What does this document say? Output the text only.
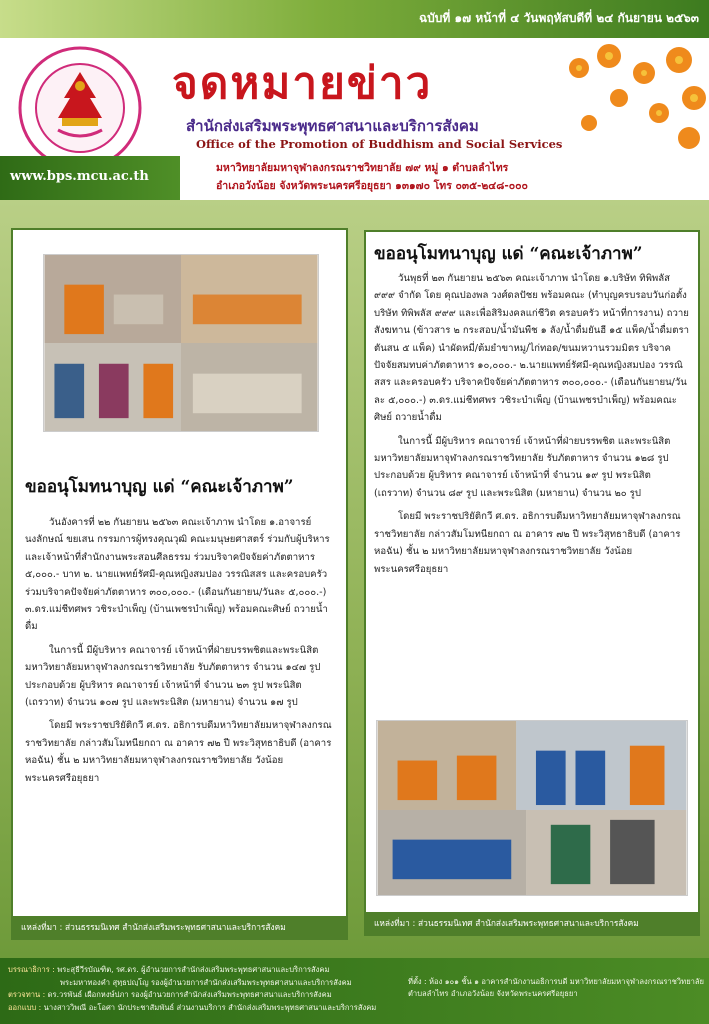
ฉบับที่ ๑๗ หน้าที่ ๔ วันพฤหัสบดีที่ ๒๔ กันยายน ๒๕๖๓
จดหมายข่าว
สำนักส่งเสริมพระพุทธศาสนาและบริการสังคม
Office of the Promotion of Buddhism and Social Services
www.bps.mcu.ac.th
มหาวิทยาลัยมหาจุฬาลงกรณราชวิทยาลัย ๗๙ หมู่ ๑ ตำบลลำไทร
อำเภอวังน้อย จังหวัดพระนครศรีอยุธยา ๑๓๑๗๐ โทร ๐๓๕-๒๔๘-๐๐๐
ขออนุโมทนาบุญ แด่ “คณะเจ้าภาพ”

วันอังคารที่ ๒๒ กันยายน ๒๕๖๓ คณะเจ้าภาพ นำโดย ๑.อาจารย์นงลักษณ์ ขยเสน กรรมการผู้ทรงคุณวุฒิ คณะมนุษยศาสตร์ ร่วมกับผู้บริหารและเจ้าหน้าที่สำนักงานพระสอนศีลธรรม ร่วมบริจาคปัจจัยค่าภัตตาหาร ๕,๐๐๐.- บาท ๒. นายแพทย์รัศมี-คุณหญิงสมปอง วรรณิสสร และครอบครัว ร่วมบริจาคปัจจัยค่าภัตตาหาร ๓๐๐,๐๐๐.- (เดือนกันยายน/วันละ ๕,๐๐๐.-) ๓.ดร.แม่ชีทศพร วชิระบำเพ็ญ (บ้านเพชรบำเพ็ญ) พร้อมคณะศิษย์ ถวายน้ำดื่ม

ในการนี้ มีผู้บริหาร คณาจารย์ เจ้าหน้าที่ฝ่ายบรรพชิตและพระนิสิตมหาวิทยาลัยมหาจุฬาลงกรณราชวิทยาลัย รับภัตตาหาร จำนวน ๑๔๗ รูป ประกอบด้วย ผู้บริหาร คณาจารย์ เจ้าหน้าที่ จำนวน ๒๓ รูป พระนิสิต (เถรวาท) จำนวน ๑๐๗ รูป และพระนิสิต (มหายาน) จำนวน ๑๗ รูป

โดยมี พระราชปริยัติกวี ศ.ดร. อธิการบดีมหาวิทยาลัยมหาจุฬาลงกรณราชวิทยาลัย กล่าวสัมโมทนียกถา ณ อาคาร ๗๒ ปี พระวิสุทธาธิบดี (อาคารหอฉัน) ชั้น ๒ มหาวิทยาลัยมหาจุฬาลงกรณราชวิทยาลัย วังน้อย พระนครศรีอยุธยา

แหล่งที่มา : ส่วนธรรมนิเทศ สำนักส่งเสริมพระพุทธศาสนาและบริการสังคม
ขออนุโมทนาบุญ แด่ “คณะเจ้าภาพ”

วันพุธที่ ๒๓ กันยายน ๒๕๖๓ คณะเจ้าภาพ นำโดย ๑.บริษัท ทิพิพลัส ๙๙๙ จำกัด โดย คุณปองพล วงศ์ดลปัชย พร้อมคณะ (ทำบุญครบรอบวันก่อตั้งบริษัท ทิพิพลัส ๙๙๙ และเพื่อสิริมงคลแก่ชีวิต ครอบครัว หน้าที่การงาน) ถวายสังฆทาน (ข้าวสาร ๒ กระสอบ/น้ำมันพืช ๑ ลัง/น้ำดื่มยันฮี ๑๕ แพ็ค/น้ำดื่มตราตันสน ๕ แพ็ค) นำผัดหมี่/ต้มยำขาหมู/ไก่ทอด/ขนมหวานรวมมิตร บริจาคปัจจัยสมทบค่าภัตตาหาร ๑๐,๐๐๐.- ๒.นายแพทย์รัศมี-คุณหญิงสมปอง วรรณิสสร และครอบครัว บริจาคปัจจัยค่าภัตตาหาร ๓๐๐,๐๐๐.- (เดือนกันยายน/วันละ ๕,๐๐๐.-) ๓.ดร.แม่ชีทศพร วชิระบำเพ็ญ (บ้านเพชรบำเพ็ญ) พร้อมคณะศิษย์ ถวายน้ำดื่ม

ในการนี้ มีผู้บริหาร คณาจารย์ เจ้าหน้าที่ฝ่ายบรรพชิต และพระนิสิตมหาวิทยาลัยมหาจุฬาลงกรณราชวิทยาลัย รับภัตตาหาร จำนวน ๑๒๘ รูป ประกอบด้วย ผู้บริหาร คณาจารย์ เจ้าหน้าที่ จำนวน ๑๙ รูป พระนิสิต (เถรวาท) จำนวน ๘๙ รูป และพระนิสิต (มหายาน) จำนวน ๒๐ รูป

โดยมี พระราชปริยัติกวี ศ.ดร. อธิการบดีมหาวิทยาลัยมหาจุฬาลงกรณราชวิทยาลัย กล่าวสัมโมทนียกถา ณ อาคาร ๗๒ ปี พระวิสุทธาธิบดี (อาคารหอฉัน) ชั้น ๒ มหาวิทยาลัยมหาจุฬาลงกรณราชวิทยาลัย วังน้อย พระนครศรีอยุธยา

แหล่งที่มา : ส่วนธรรมนิเทศ สำนักส่งเสริมพระพุทธศาสนาและบริการสังคม
บรรณาธิการ : พระสุธีวีรบัณฑิต, รศ.ดร. ผู้อำนวยการสำนักส่งเสริมพระพุทธศาสนาและบริการสังคม
พระมหาทองคำ สุทฺธปญฺโญ รองผู้อำนวยการสำนักส่งเสริมพระพุทธศาสนาและบริการสังคม
ตรวจทาน : ดร.วรพันธ์ เผือกหงษ์ปภา รองผู้อำนวยการสำนักส่งเสริมพระพุทธศาสนาและบริการสังคม
ออกแบบ : นางสาววิพณี อะโอศา นักประชาสัมพันธ์ ส่วนงานบริการ สำนักส่งเสริมพระพุทธศาสนาและบริการสังคม
ที่ตั้ง : ห้อง ๑๐๑ ชั้น ๑ อาคารสำนักงานอธิการบดี มหาวิทยาลัยมหาจุฬาลงกรณราชวิทยาลัย ตำบลลำไทร อำเภอวังน้อย จังหวัดพระนครศรีอยุธยา
